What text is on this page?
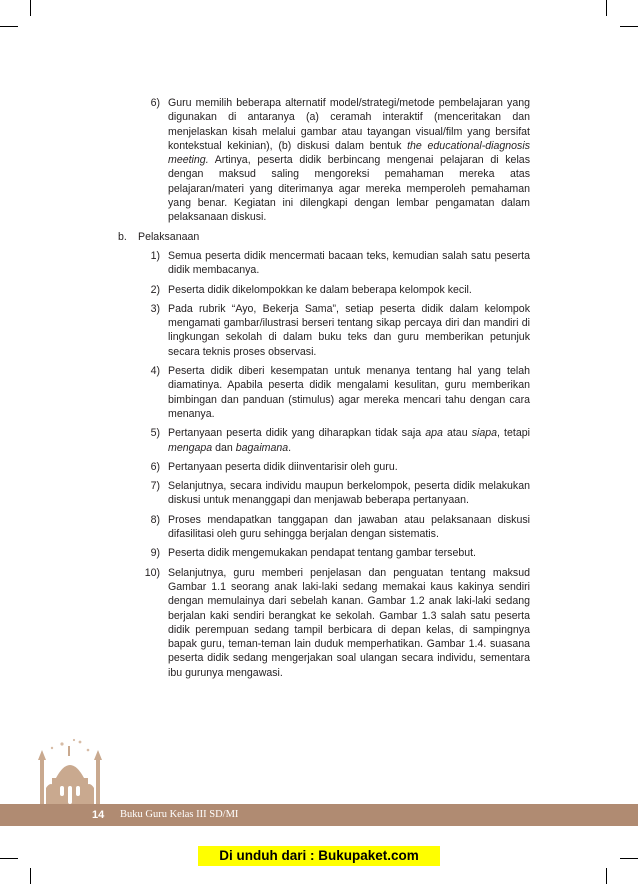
6) Guru memilih beberapa alternatif model/strategi/metode pembelajaran yang digunakan di antaranya (a) ceramah interaktif (menceritakan dan menjelaskan kisah melalui gambar atau tayangan visual/film yang bersifat kontekstual kekinian), (b) diskusi dalam bentuk the educational-diagnosis meeting. Artinya, peserta didik berbincang mengenai pelajaran di kelas dengan maksud saling mengoreksi pemahaman mereka atas pelajaran/materi yang diterimanya agar mereka memperoleh pemahaman yang benar. Kegiatan ini dilengkapi dengan lembar pengamatan dalam pelaksanaan diskusi.
b.	Pelaksanaan
1) Semua peserta didik mencermati bacaan teks, kemudian salah satu peserta didik membacanya.
2) Peserta didik dikelompokkan ke dalam beberapa kelompok kecil.
3) Pada rubrik “Ayo, Bekerja Sama”, setiap peserta didik dalam kelompok mengamati gambar/ilustrasi berseri tentang sikap percaya diri dan mandiri di lingkungan sekolah di dalam buku teks dan guru memberikan petunjuk secara teknis proses observasi.
4) Peserta didik diberi kesempatan untuk menanya tentang hal yang telah diamatinya. Apabila peserta didik mengalami kesulitan, guru memberikan bimbingan dan panduan (stimulus) agar mereka mencari tahu dengan cara menanya.
5) Pertanyaan peserta didik yang diharapkan tidak saja apa atau siapa, tetapi mengapa dan bagaimana.
6) Pertanyaan peserta didik diinventarisir oleh guru.
7) Selanjutnya, secara individu maupun berkelompok, peserta didik melakukan diskusi untuk menanggapi dan menjawab beberapa pertanyaan.
8) Proses mendapatkan tanggapan dan jawaban atau pelaksanaan diskusi difasilitasi oleh guru sehingga berjalan dengan sistematis.
9) Peserta didik mengemukakan pendapat tentang gambar tersebut.
10) Selanjutnya, guru memberi penjelasan dan penguatan tentang maksud Gambar 1.1 seorang anak laki-laki sedang memakai kaus kakinya sendiri dengan memulainya dari sebelah kanan. Gambar 1.2 anak laki-laki sedang berjalan kaki sendiri berangkat ke sekolah. Gambar 1.3 salah satu peserta didik perempuan sedang tampil berbicara di depan kelas, di sampingnya bapak guru, teman-teman lain duduk memperhatikan. Gambar 1.4. suasana peserta didik sedang mengerjakan soal ulangan secara individu, sementara ibu gurunya mengawasi.
14 Buku Guru Kelas III SD/MI
Di unduh dari : Bukupaket.com
